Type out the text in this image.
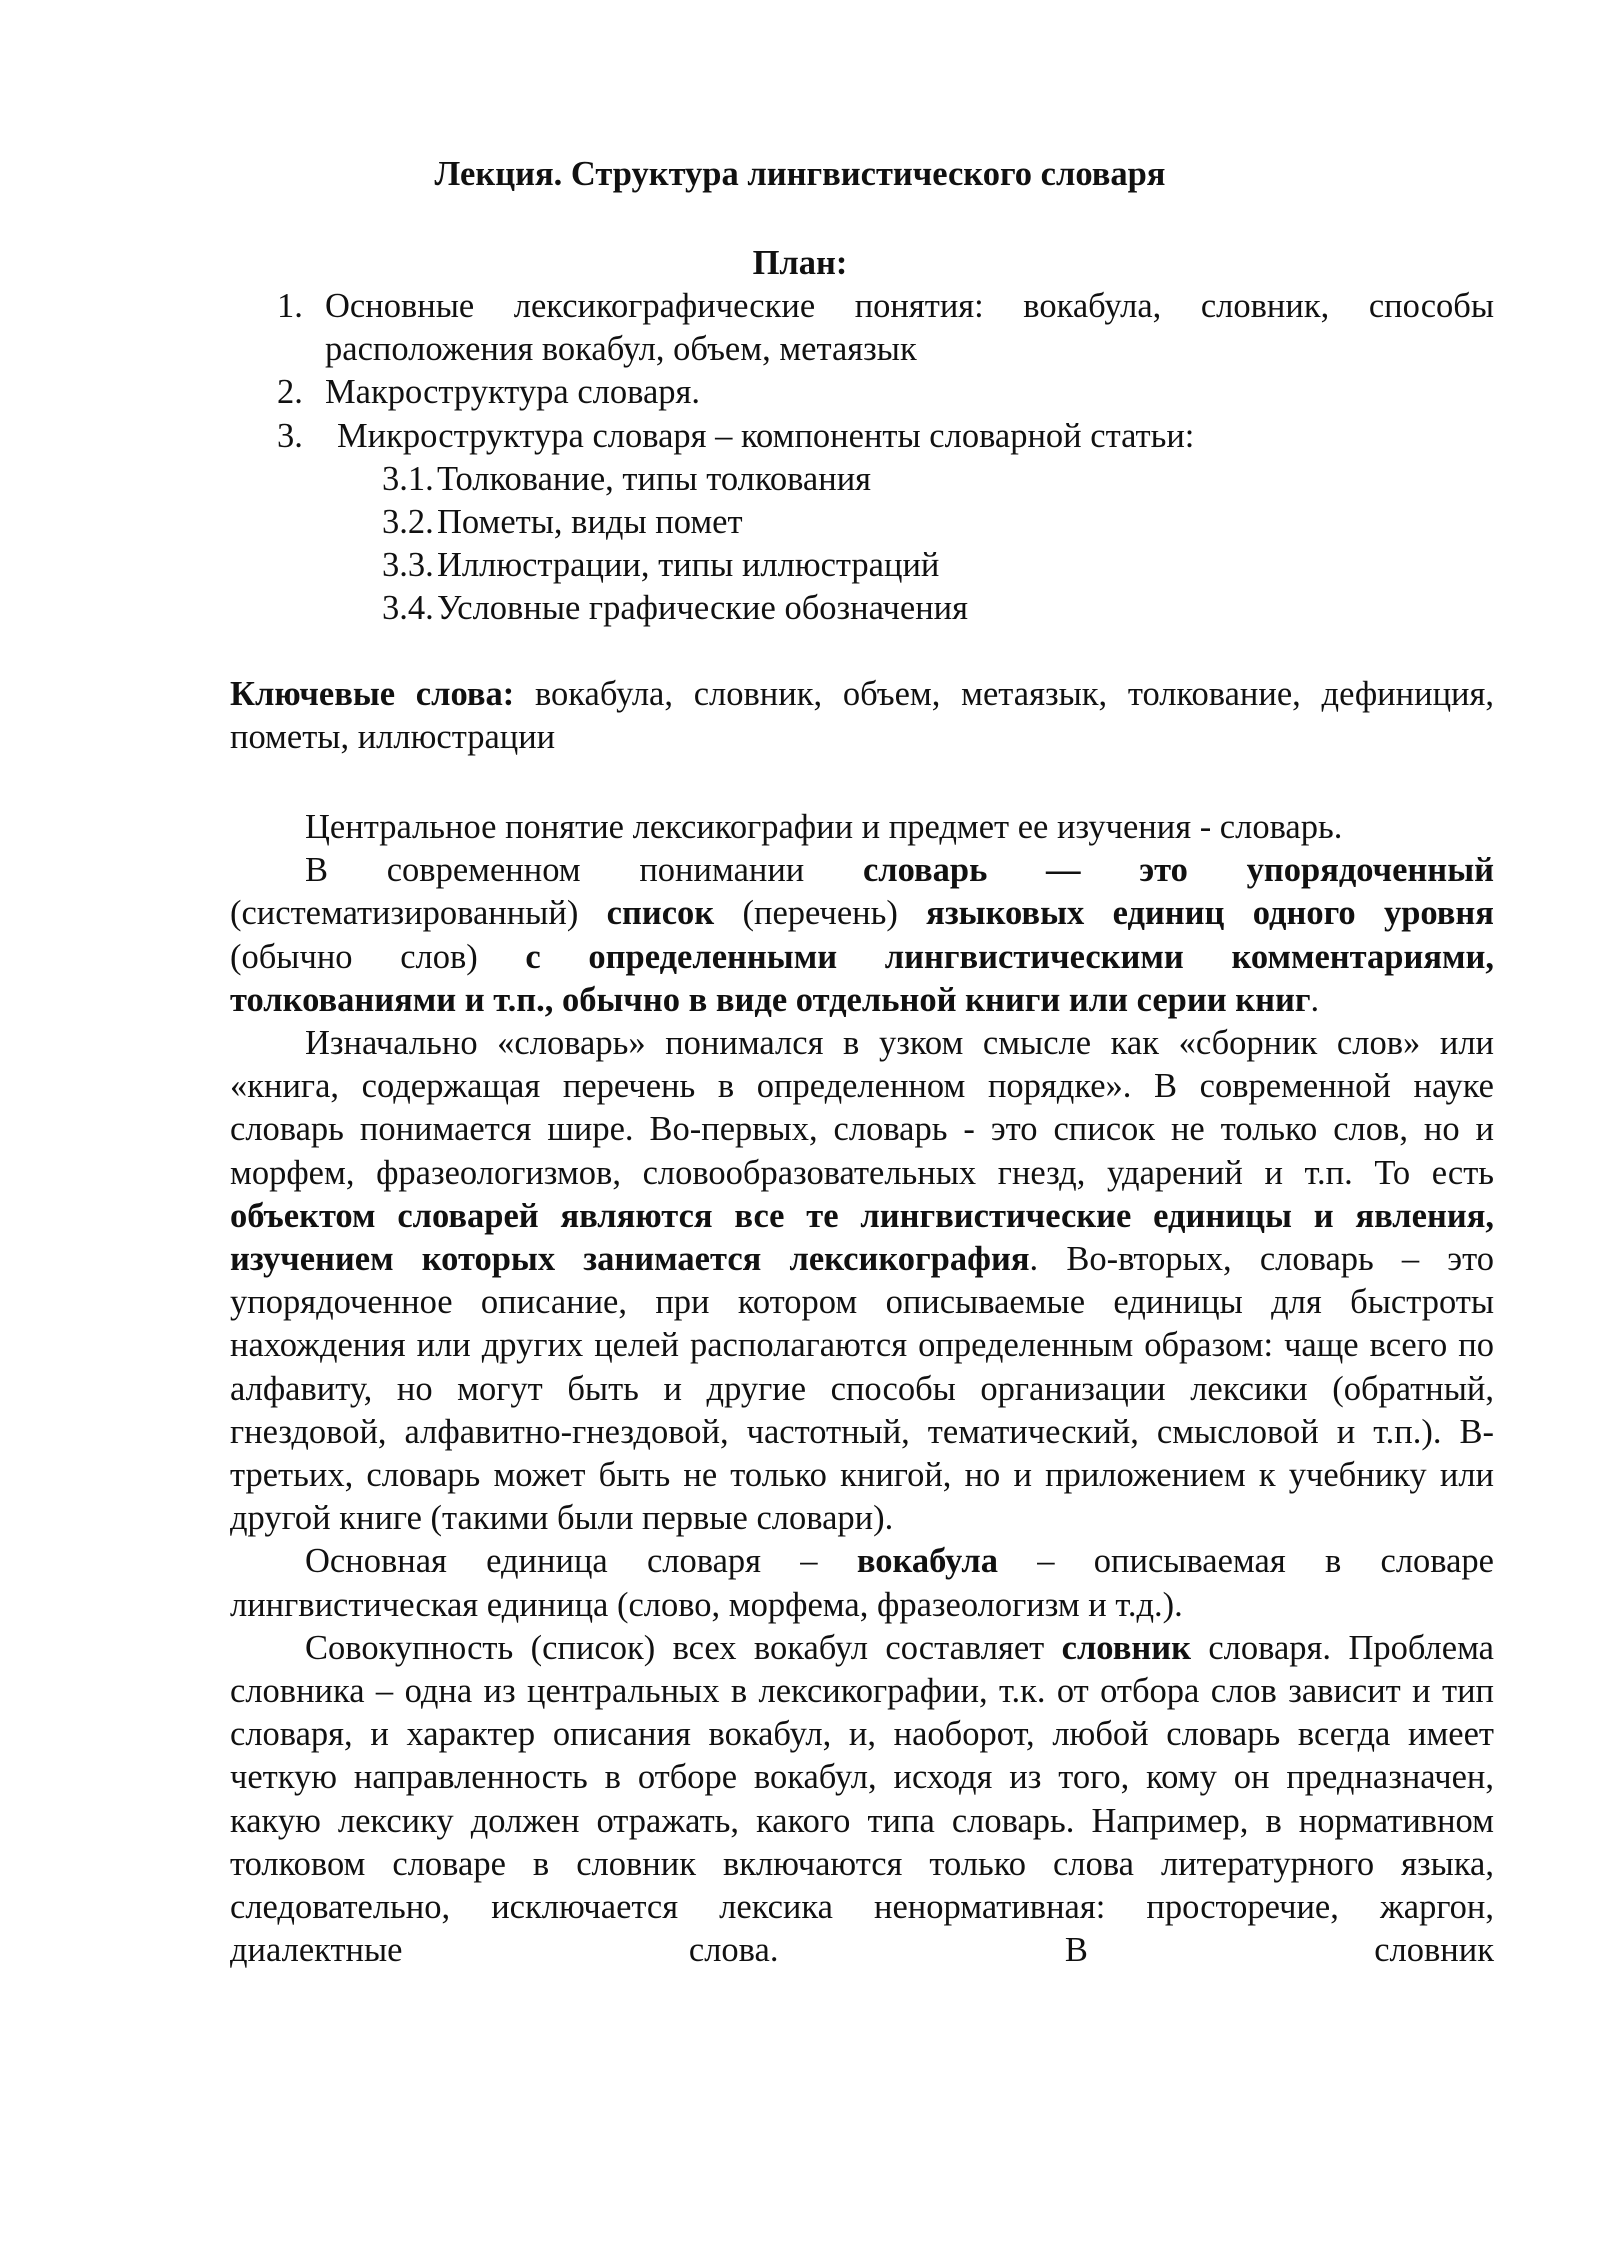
Лекция. Структура лингвистического словаря
План:
1. Основные лексикографические понятия: вокабула, словник, способы расположения вокабул, объем, метаязык
2. Макроструктура словаря.
3. Микроструктура словаря – компоненты словарной статьи:
3.1. Толкование, типы толкования
3.2. Пометы, виды помет
3.3. Иллюстрации, типы иллюстраций
3.4. Условные графические обозначения

Ключевые слова: вокабула, словник, объем, метаязык, толкование, дефиниция, пометы, иллюстрации

Центральное понятие лексикографии и предмет ее изучения - словарь.

В современном понимании словарь — это упорядоченный (систематизированный) список (перечень) языковых единиц одного уровня (обычно слов) с определенными лингвистическими комментариями, толкованиями и т.п., обычно в виде отдельной книги или серии книг.

Изначально «словарь» понимался в узком смысле как «сборник слов» или «книга, содержащая перечень в определенном порядке». В современной науке словарь понимается шире. Во-первых, словарь - это список не только слов, но и морфем, фразеологизмов, словообразовательных гнезд, ударений и т.п. То есть объектом словарей являются все те лингвистические единицы и явления, изучением которых занимается лексикография. Во-вторых, словарь – это упорядоченное описание, при котором описываемые единицы для быстроты нахождения или других целей располагаются определенным образом: чаще всего по алфавиту, но могут быть и другие способы организации лексики (обратный, гнездовой, алфавитно-гнездовой, частотный, тематический, смысловой и т.п.). В-третьих, словарь может быть не только книгой, но и приложением к учебнику или другой книге (такими были первые словари).

Основная единица словаря – вокабула – описываемая в словаре лингвистическая единица (слово, морфема, фразеологизм и т.д.).

Совокупность (список) всех вокабул составляет словник словаря. Проблема словника – одна из центральных в лексикографии, т.к. от отбора слов зависит и тип словаря, и характер описания вокабул, и, наоборот, любой словарь всегда имеет четкую направленность в отборе вокабул, исходя из того, кому он предназначен, какую лексику должен отражать, какого типа словарь. Например, в нормативном толковом словаре в словник включаются только слова литературного языка, следовательно, исключается лексика ненормативная: просторечие, жаргон, диалектные слова. В словник
